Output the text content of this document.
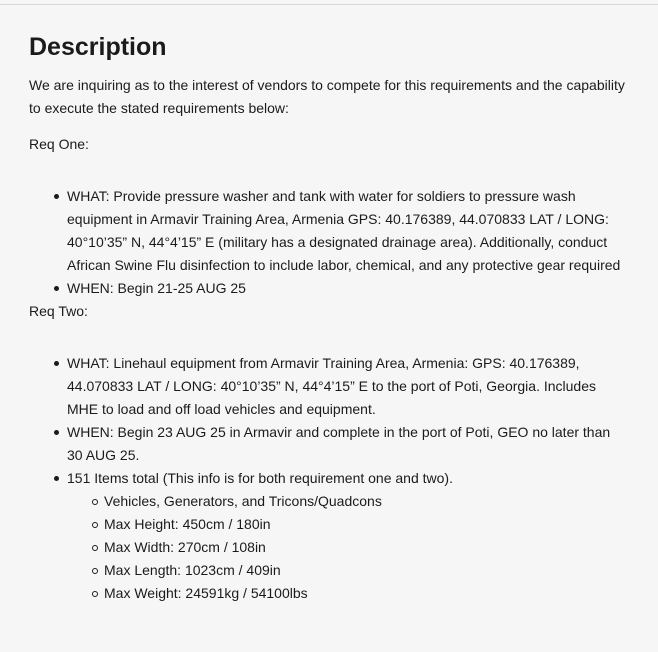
Description

We are inquiring as to the interest of vendors to compete for this requirements and the capability to execute the stated requirements below:

Req One:

WHAT: Provide pressure washer and tank with water for soldiers to pressure wash equipment in Armavir Training Area, Armenia GPS: 40.176389, 44.070833 LAT / LONG: 40°10’35” N, 44°4’15” E (military has a designated drainage area). Additionally, conduct African Swine Flu disinfection to include labor, chemical, and any protective gear required
WHEN: Begin 21-25 AUG 25

Req Two:

WHAT: Linehaul equipment from Armavir Training Area, Armenia: GPS: 40.176389, 44.070833 LAT / LONG: 40°10’35” N, 44°4’15” E to the port of Poti, Georgia. Includes MHE to load and off load vehicles and equipment.
WHEN: Begin 23 AUG 25 in Armavir and complete in the port of Poti, GEO no later than 30 AUG 25.
151 Items total (This info is for both requirement one and two).
Vehicles, Generators, and Tricons/Quadcons
Max Height: 450cm / 180in
Max Width: 270cm / 108in
Max Length: 1023cm / 409in
Max Weight: 24591kg / 54100lbs
